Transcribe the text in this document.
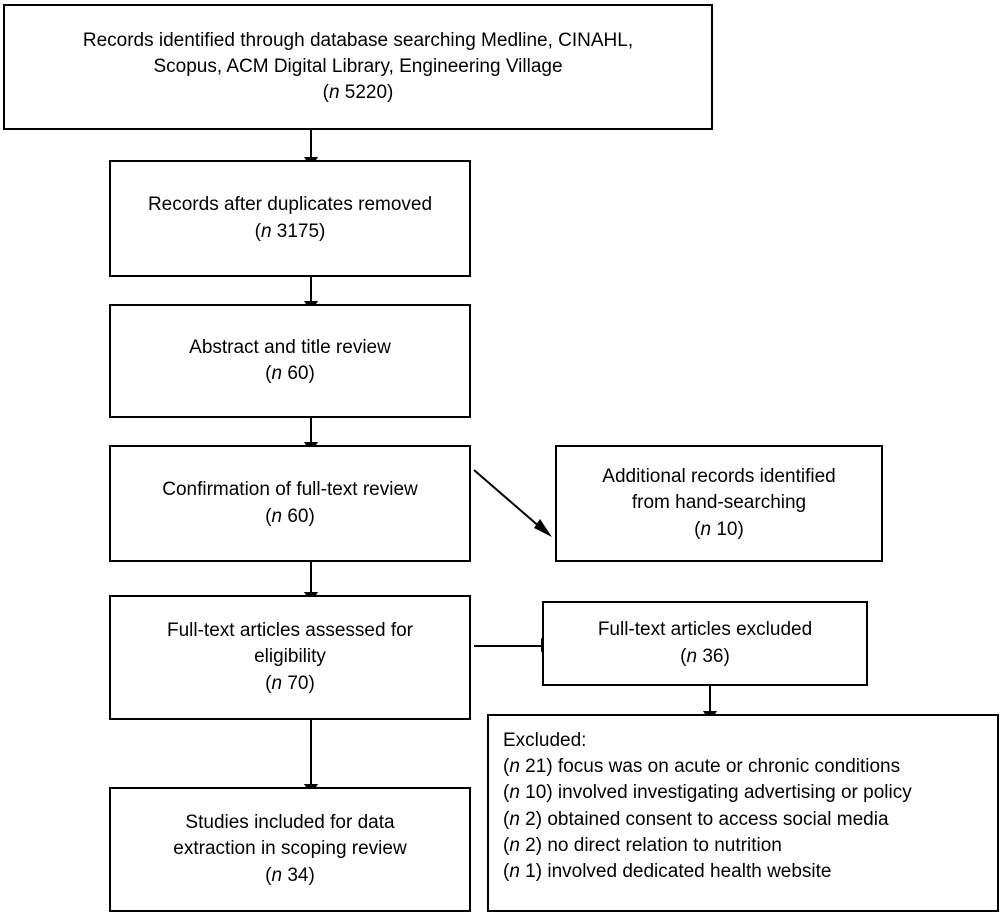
Records identified through database searching Medline, CINAHL,
Scopus, ACM Digital Library, Engineering Village
(n 5220)
Records after duplicates removed
(n 3175)
Abstract and title review
(n 60)
Confirmation of full-text review
(n 60)
Additional records identified
from hand-searching
(n 10)
Full-text articles assessed for
eligibility
(n 70)
Full-text articles excluded
(n 36)
Studies included for data
extraction in scoping review
(n 34)
Excluded:
(n 21) focus was on acute or chronic conditions
(n 10) involved investigating advertising or policy
(n 2) obtained consent to access social media
(n 2) no direct relation to nutrition
(n 1) involved dedicated health website
